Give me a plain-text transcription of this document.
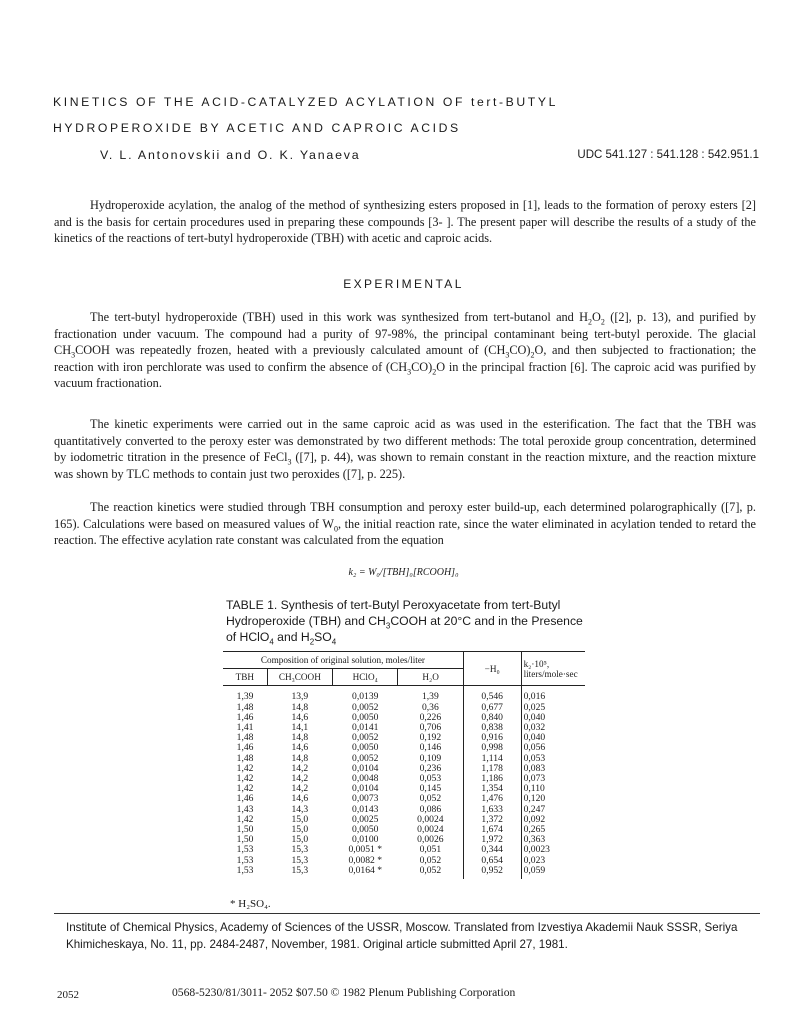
KINETICS OF THE ACID-CATALYZED ACYLATION OF tert-BUTYL
HYDROPEROXIDE BY ACETIC AND CAPROIC ACIDS
V. L. Antonovskii and O. K. Yanaeva	UDC 541.127 : 541.128 : 542.951.1

Hydroperoxide acylation, the analog of the method of synthesizing esters proposed in [1], leads to the formation of peroxy esters [2] and is the basis for certain procedures used in preparing these compounds [3- ]. The present paper will describe the results of a study of the kinetics of the reactions of tert-butyl hydroperoxide (TBH) with acetic and caproic acids.

EXPERIMENTAL

The tert-butyl hydroperoxide (TBH) used in this work was synthesized from tert-butanol and $H_2O_2$ ([2], p. 13), and purified by fractionation under vacuum. The compound had a purity of 97-98%, the principal contaminant being tert-butyl peroxide. The glacial $CH_3COOH$ was repeatedly frozen, heated with a previously calculated amount of $(CH_3CO)_2O$, and then subjected to fractionation; the reaction with iron perchlorate was used to confirm the absence of $(CH_3CO)_2O$ in the principal fraction [6]. The caproic acid was purified by vacuum fractionation.

The kinetic experiments were carried out in the same caproic acid as was used in the esterification. The fact that the TBH was quantitatively converted to the peroxy ester was demonstrated by two different methods: The total peroxide group concentration, determined by iodometric titration in the presence of FeCl$_3$ ([7], p. 44), was shown to remain constant in the reaction mixture, and the reaction mixture was shown by TLC methods to contain just two peroxides ([7], p. 225).

The reaction kinetics were studied through TBH consumption and peroxy ester build-up, each determined polarographically ([7], p. 165). Calculations were based on measured values of $W_0$, the initial reaction rate, since the water eliminated in acylation tended to retard the reaction. The effective acylation rate constant was calculated from the equation

k₂ = W₀/[TBH]₀[RCOOH]₀
TABLE 1. Synthesis of tert-Butyl Peroxyacetate from tert-Butyl Hydroperoxide (TBH) and $CH_3COOH$ at 20°C and in the Presence of HClO$_4$ and $H_2SO_4$
Composition of original solution, moles/liter				−H₀	k₂·10⁵, liters/mole·sec
TBH	CH₃COOH	HClO₄	H₂O		
1,39	13,9	0,0139	1,39	0,546	0,016
1,48	14,8	0,0052	0,36	0,677	0,025
1,46	14,6	0,0050	0,226	0,840	0,040
1,41	14,1	0,0141	0,706	0,838	0,032
1,48	14,8	0,0052	0,192	0,916	0,040
1,46	14,6	0,0050	0,146	0,998	0,056
1,48	14,8	0,0052	0,109	1,114	0,053
1,42	14,2	0,0104	0,236	1,178	0,083
1,42	14,2	0,0048	0,053	1,186	0,073
1,42	14,2	0,0104	0,145	1,354	0,110
1,46	14,6	0,0073	0,052	1,476	0,120
1,43	14,3	0,0143	0,086	1,633	0,247
1,42	15,0	0,0025	0,0024	1,372	0,092
1,50	15,0	0,0050	0,0024	1,674	0,265
1,50	15,0	0,0100	0,0026	1,972	0,363
1,53	15,3	0,0051 *	0,051	0,344	0,0023
1,53	15,3	0,0082 *	0,052	0,654	0,023
1,53	15,3	0,0164 *	0,052	0,952	0,059
* H₂SO₄.
Institute of Chemical Physics, Academy of Sciences of the USSR, Moscow. Translated from Izvestiya Akademii Nauk SSSR, Seriya Khimicheskaya, No. 11, pp. 2484-2487, November, 1981. Original article submitted April 27, 1981.
2052	0568-5230/81/3011- 2052 $07.50 © 1982 Plenum Publishing Corporation
